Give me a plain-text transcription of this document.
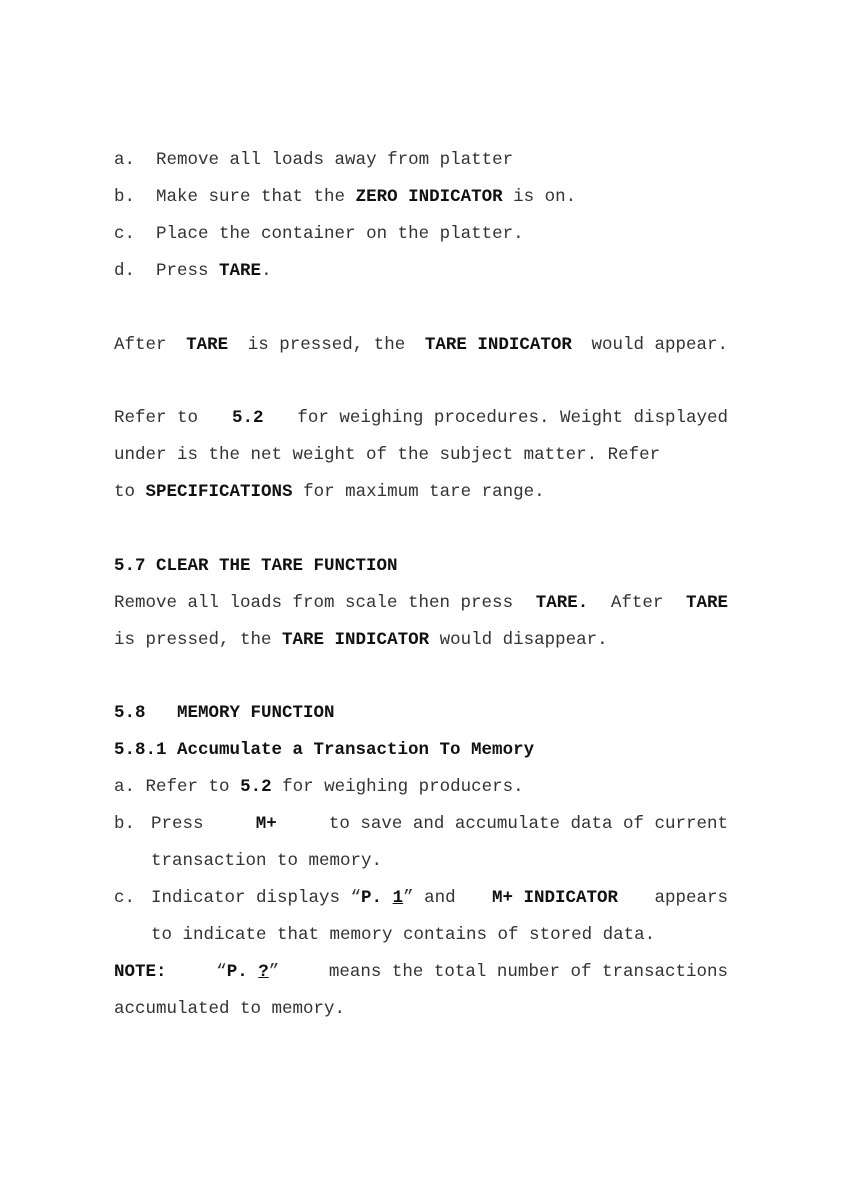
a. Remove all loads away from platter
b. Make sure that the ZERO INDICATOR is on.
c. Place the container on the platter.
d. Press TARE.
After TARE is pressed, the TARE INDICATOR would appear.
Refer to 5.2 for weighing procedures. Weight displayed
under is the net weight of the subject matter. Refer
to SPECIFICATIONS for maximum tare range.
5.7 CLEAR THE TARE FUNCTION
Remove all loads from scale then press TARE. After TARE
is pressed, the TARE INDICATOR would disappear.
5.8 MEMORY FUNCTION
5.8.1 Accumulate a Transaction To Memory
a. Refer to 5.2 for weighing producers.
b. Press	M+	to save and accumulate data of current
transaction to memory.
c. Indicator displays “P. 1” and M+ INDICATOR appears
to indicate that memory contains of stored data.
NOTE:	“P. ?”	means the total number of transactions
accumulated to memory.
